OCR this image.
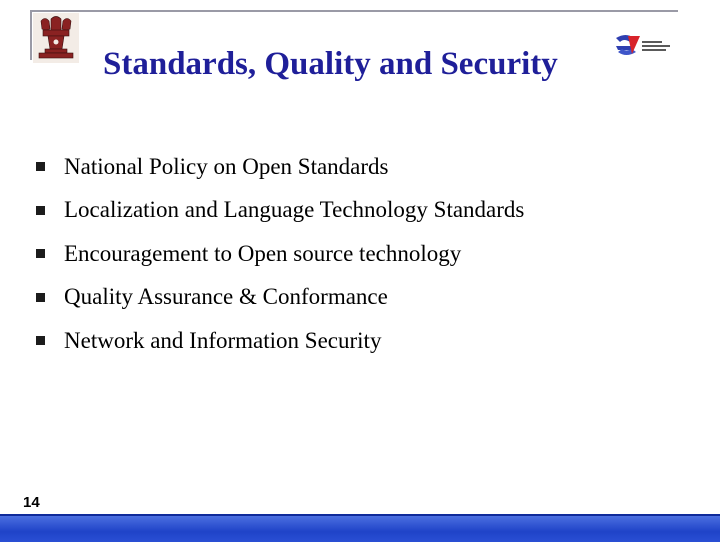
Standards, Quality and Security
National Policy on Open Standards
Localization and Language Technology Standards
Encouragement to Open source technology
Quality Assurance & Conformance
Network and Information Security
14
